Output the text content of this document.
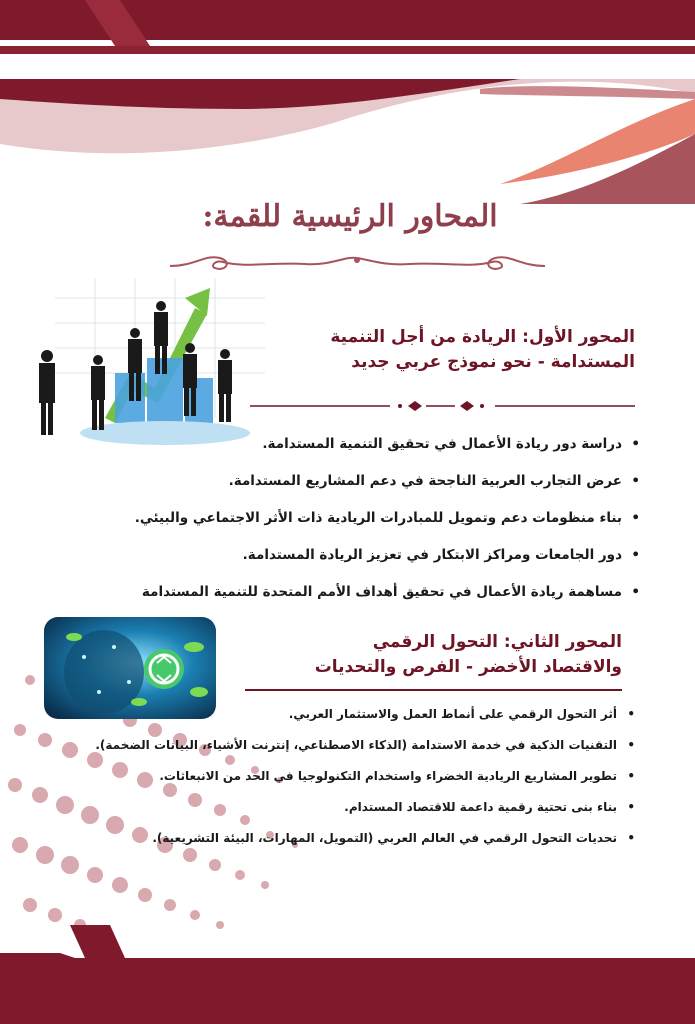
المحاور الرئيسية للقمة:
المحور الأول: الريادة من أجل التنمية
المستدامة - نحو نموذج عربي جديد
• دراسة دور ريادة الأعمال في تحقيق التنمية المستدامة.
• عرض التجارب العربية الناجحة في دعم المشاريع المستدامة.
• بناء منظومات دعم وتمويل للمبادرات الريادية ذات الأثر الاجتماعي والبيئي.
• دور الجامعات ومراكز الابتكار في تعزيز الريادة المستدامة.
• مساهمة ريادة الأعمال في تحقيق أهداف الأمم المتحدة للتنمية المستدامة
المحور الثاني: التحول الرقمي
والاقتصاد الأخضر - الفرص والتحديات
• أثر التحول الرقمي على أنماط العمل والاستثمار العربي.
• التقنيات الذكية في خدمة الاستدامة (الذكاء الاصطناعي، إنترنت الأشياء، البيانات الضخمة).
• تطوير المشاريع الريادية الخضراء واستخدام التكنولوجيا في الحد من الانبعاثات.
• بناء بنى تحتية رقمية داعمة للاقتصاد المستدام.
• تحديات التحول الرقمي في العالم العربي (التمويل، المهارات، البيئة التشريعية).
